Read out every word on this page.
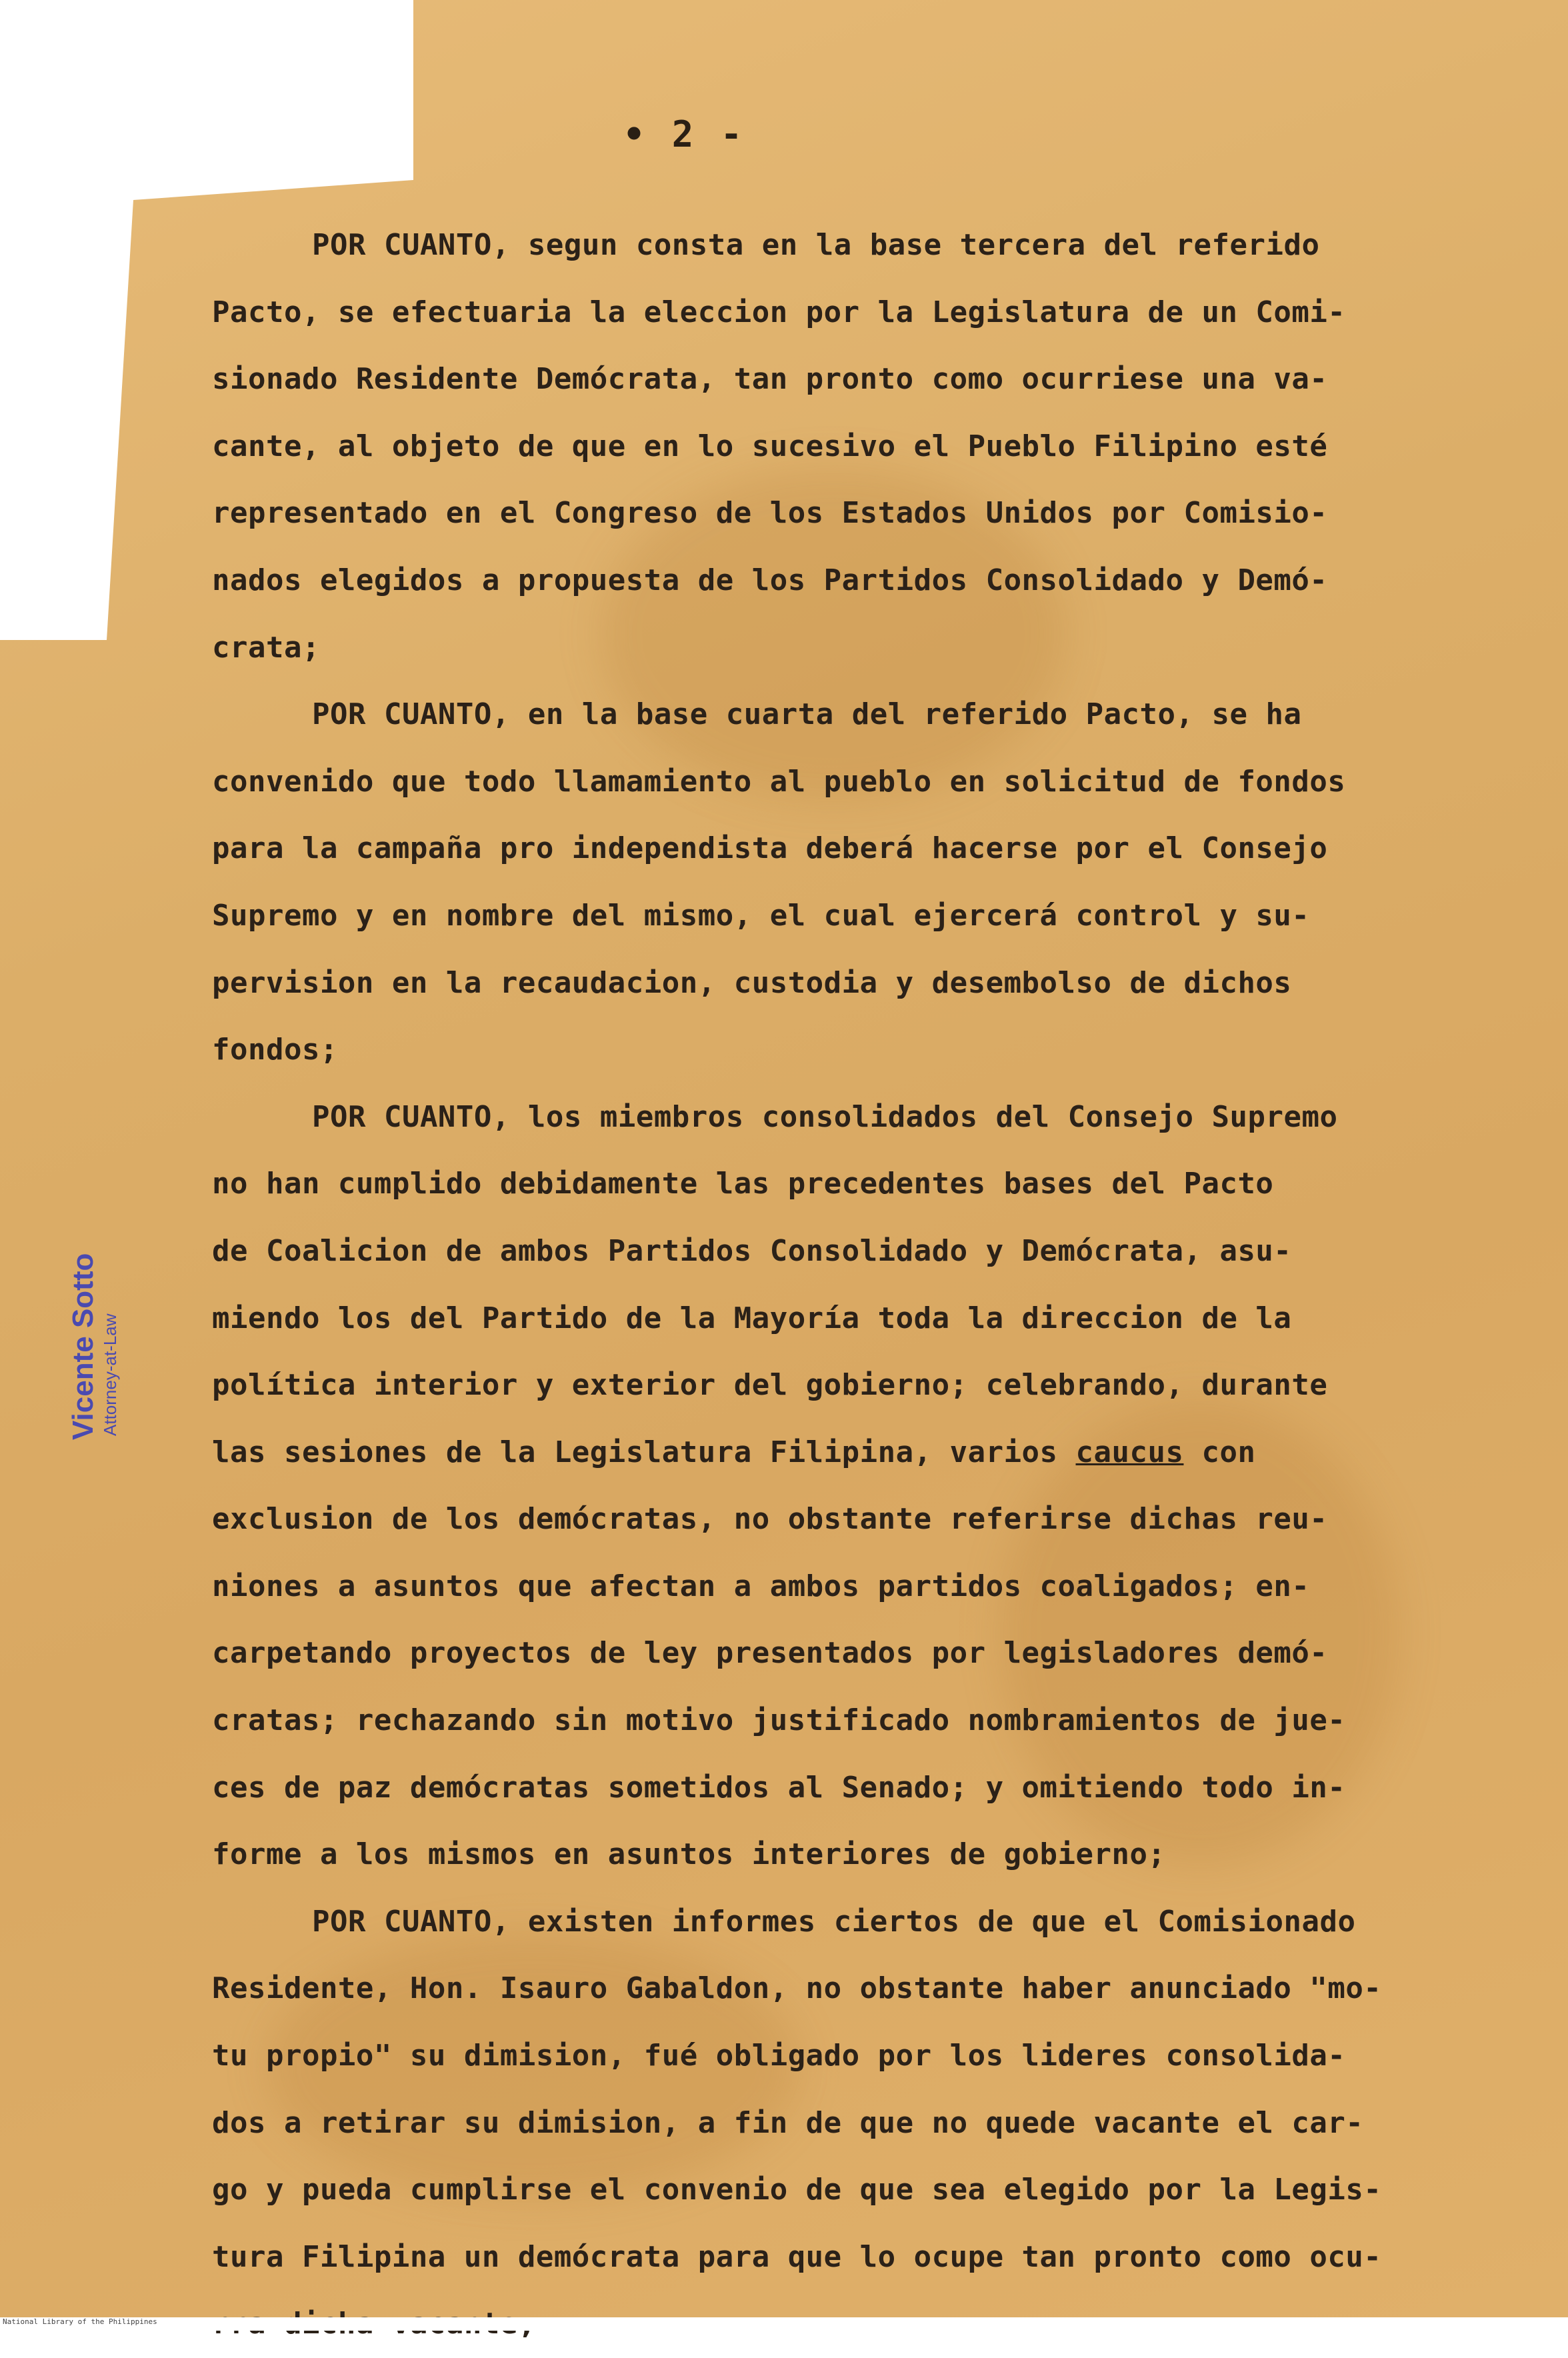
• 2 -
POR CUANTO, segun consta en la base tercera del referido
Pacto, se efectuaria la eleccion por la Legislatura de un Comi-
sionado Residente Demócrata, tan pronto como ocurriese una va-
cante, al objeto de que en lo sucesivo el Pueblo Filipino esté
representado en el Congreso de los Estados Unidos por Comisio-
nados elegidos a propuesta de los Partidos Consolidado y Demó-
crata;
POR CUANTO, en la base cuarta del referido Pacto, se ha
convenido que todo llamamiento al pueblo en solicitud de fondos
para la campaña pro independista deberá hacerse por el Consejo
Supremo y en nombre del mismo, el cual ejercerá control y su-
pervision en la recaudacion, custodia y desembolso de dichos
fondos;
POR CUANTO, los miembros consolidados del Consejo Supremo
no han cumplido debidamente las precedentes bases del Pacto
de Coalicion de ambos Partidos Consolidado y Demócrata, asu-
miendo los del Partido de la Mayoría toda la direccion de la
política interior y exterior del gobierno; celebrando, durante
las sesiones de la Legislatura Filipina, varios caucus con
exclusion de los demócratas, no obstante referirse dichas reu-
niones a asuntos que afectan a ambos partidos coaligados; en-
carpetando proyectos de ley presentados por legisladores demó-
cratas; rechazando sin motivo justificado nombramientos de jue-
ces de paz demócratas sometidos al Senado; y omitiendo todo in-
forme a los mismos en asuntos interiores de gobierno;
POR CUANTO, existen informes ciertos de que el Comisionado
Residente, Hon. Isauro Gabaldon, no obstante haber anunciado "mo-
tu propio" su dimision, fué obligado por los lideres consolida-
dos a retirar su dimision, a fin de que no quede vacante el car-
go y pueda cumplirse el convenio de que sea elegido por la Legis-
tura Filipina un demócrata para que lo ocupe tan pronto como ocu-
Vicente Sotto Attorney-at-Law
National Library of the Philippines
